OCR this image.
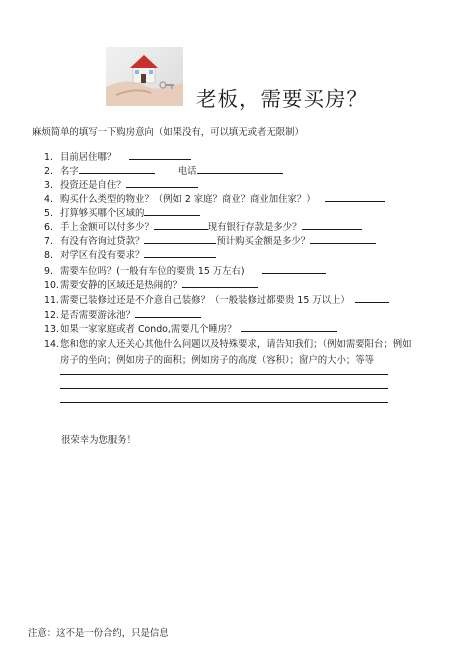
老板，需要买房？
麻烦简单的填写一下购房意向（如果没有，可以填无或者无限制）
1. 目前居住哪？
2. 名字	电话
3. 投资还是自住？
4. 购买什么类型的物业？（例如 2 家庭？商业？商业加住家？）
5. 打算够买哪个区域的
6. 手上金额可以付多少？	现有银行存款是多少？
7. 有没有咨询过贷款？	预计购买金额是多少？
8. 对学区有没有要求？
9. 需要车位吗？(一般有车位的要贵 15 万左右)
10.需要安静的区域还是热闹的？
11.需要已装修过还是不介意自己装修？（一般装修过都要贵 15 万以上）
12.是否需要游泳池？
13.如果一家家庭或者 Condo,需要几个睡房？
14. 您和您的家人还关心其他什么问题以及特殊要求，请告知我们；（例如需要阳台；例如房子的坐向；例如房子的面积；例如房子的高度（容积）；窗户的大小；等等
很荣幸为您服务！
注意：这不是一份合约，只是信息
